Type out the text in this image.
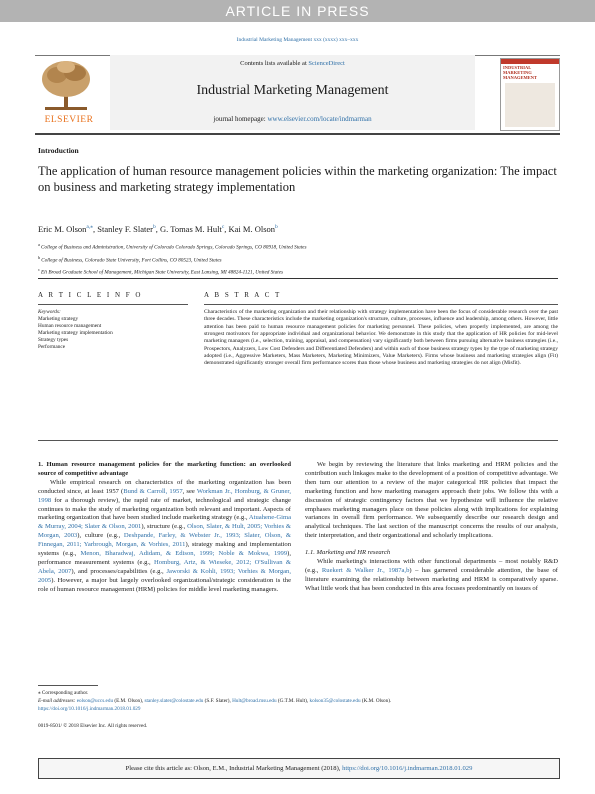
ARTICLE IN PRESS
Industrial Marketing Management xxx (xxxx) xxx–xxx
ELSEVIER
Contents lists available at ScienceDirect
Industrial Marketing Management
journal homepage: www.elsevier.com/locate/indmarman
INDUSTRIAL MARKETING MANAGEMENT
Introduction
The application of human resource management policies within the marketing organization: The impact on business and marketing strategy implementation
Eric M. Olson$^{a,⁎}$, Stanley F. Slater$^b$, G. Tomas M. Hult$^c$, Kai M. Olson$^b$
$^a$ College of Business and Administration, University of Colorado Colorado Springs, Colorado Springs, CO 80918, United States
$^b$ College of Business, Colorado State University, Fort Collins, CO 80523, United States
$^c$ Eli Broad Graduate School of Management, Michigan State University, East Lansing, MI 48824-1121, United States
A R T I C L E I N F O	A B S T R A C T
Keywords:
Marketing strategy
Human resource management
Marketing strategy implementation
Strategy types
Performance
Characteristics of the marketing organization and their relationship with strategy implementation have been the focus of considerable research over the past three decades. These characteristics include the marketing organization's structure, culture, processes, influence and leadership, among others. However, little attention has been paid to human resource management policies for marketing personnel. These policies, when properly implemented, are among the strongest motivators for appropriate individual and organizational behavior. We demonstrate in this study that the application of HR policies for mid-level marketing managers (i.e., selection, training, appraisal, and compensation) vary significantly both between firms pursuing alternative business strategies (i.e., Prospectors, Analyzers, Low Cost Defenders and Differentiated Defenders) and within each of those business strategy types by the type of marketing strategy adopted (i.e., Aggressive Marketers, Mass Marketers, Marketing Minimizers, Value Marketers). Firms whose business and marketing strategies align (Fit) demonstrated significantly stronger overall firm performance scores than those whose business and marketing strategies do not align (Misfit).

1. Human resource management policies for the marketing function: an overlooked source of competitive advantage

While empirical research on characteristics of the marketing organization has been conducted since, at least 1957 (Bund & Carroll, 1957, see Workman Jr., Homburg, & Gruner, 1998 for a thorough review), the rapid rate of market, technological and strategic change continues to make the study of marketing organization both relevant and important. Aspects of marketing organization that have been studied include marketing strategy (e.g., Atuahene-Gima & Murray, 2004; Slater & Olson, 2001), structure (e.g., Olson, Slater, & Hult, 2005; Vorhies & Morgan, 2003), culture (e.g., Deshpande, Farley, & Webster Jr., 1993; Slater, Olson, & Finnegan, 2011; Yarbrough, Morgan, & Vorhies, 2011), strategy making and implementation systems (e.g., Menon, Bharadwaj, Adidam, & Edison, 1999; Noble & Mokwa, 1999), performance measurement systems (e.g., Homburg, Artz, & Wieseke, 2012; O'Sullivan & Abela, 2007), and processes/capabilities (e.g., Jaworski & Kohli, 1993; Vorhies & Morgan, 2005). However, a major but largely overlooked organizational/strategic consideration is the role of human resource management (HRM) policies for middle level marketing managers.

We begin by reviewing the literature that links marketing and HRM policies and the contribution such linkages make to the development of a position of competitive advantage. We then turn our attention to a review of the major categorical HR policies that impact the marketing function and how marketing managers approach their jobs. We follow this with a discussion of strategic contingency factors that we hypothesize will influence the relative emphases marketing managers place on these policies along with implications for explaining variances in overall firm performance. We subsequently describe our research design and analytical techniques. The last section of the manuscript concerns the results of our analysis, their interpretation, and their organizational and scholarly implications.

1.1. Marketing and HR research

While marketing's interactions with other functional departments – most notably R&D (e.g., Ruekert & Walker Jr., 1987a,b) – has garnered considerable attention, the base of literature examining the relationship between marketing and HRM is comparatively sparse. What little work that has been conducted in this area focuses predominantly on issues of

⁎ Corresponding author.
E-mail addresses: eolson@uccs.edu (E.M. Olson), stanley.slater@colostate.edu (S.F. Slater), Hult@broad.msu.edu (G.T.M. Hult), kolson35@colostate.edu (K.M. Olson).
https://doi.org/10.1016/j.indmarman.2018.01.029
0019-8501/ © 2018 Elsevier Inc. All rights reserved.
Please cite this article as: Olson, E.M., Industrial Marketing Management (2018), https://doi.org/10.1016/j.indmarman.2018.01.029
